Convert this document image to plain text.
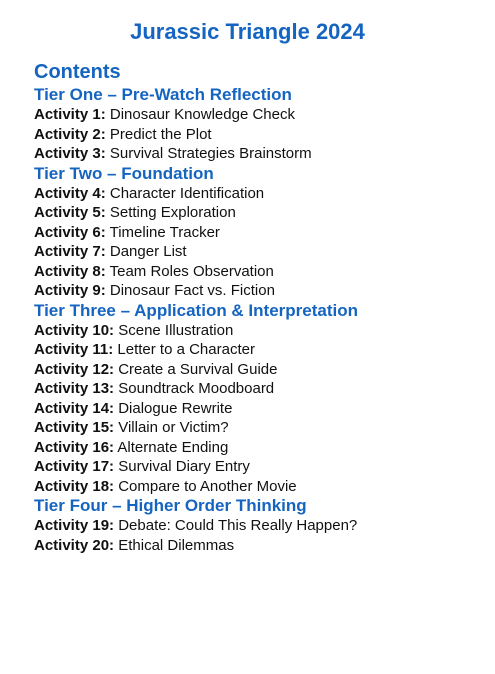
Jurassic Triangle 2024
Contents
Tier One – Pre-Watch Reflection
Activity 1: Dinosaur Knowledge Check
Activity 2: Predict the Plot
Activity 3: Survival Strategies Brainstorm
Tier Two – Foundation
Activity 4: Character Identification
Activity 5: Setting Exploration
Activity 6: Timeline Tracker
Activity 7: Danger List
Activity 8: Team Roles Observation
Activity 9: Dinosaur Fact vs. Fiction
Tier Three – Application & Interpretation
Activity 10: Scene Illustration
Activity 11: Letter to a Character
Activity 12: Create a Survival Guide
Activity 13: Soundtrack Moodboard
Activity 14: Dialogue Rewrite
Activity 15: Villain or Victim?
Activity 16: Alternate Ending
Activity 17: Survival Diary Entry
Activity 18: Compare to Another Movie
Tier Four – Higher Order Thinking
Activity 19: Debate: Could This Really Happen?
Activity 20: Ethical Dilemmas
